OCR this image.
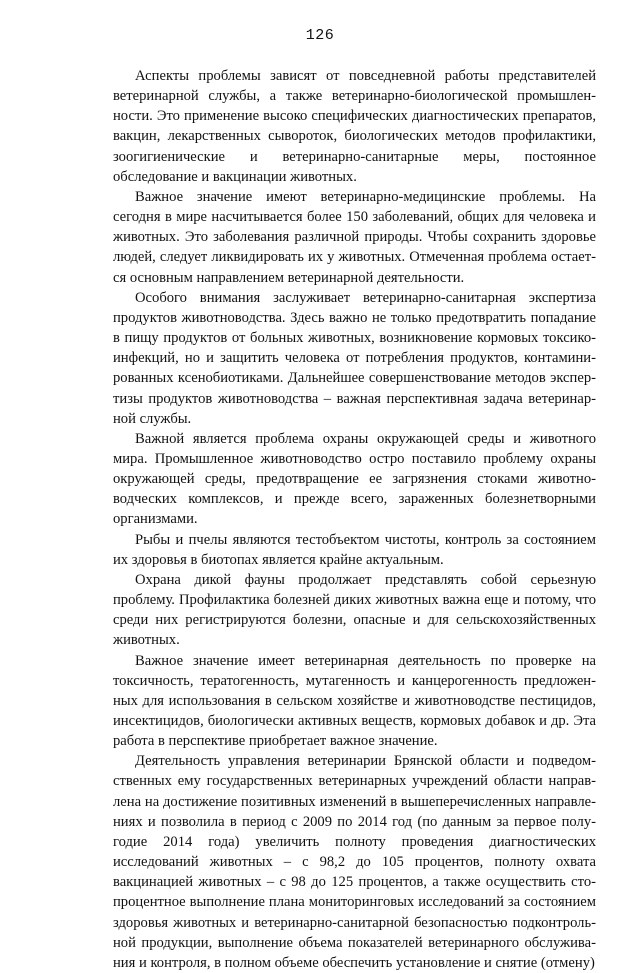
126

Аспекты проблемы зависят от повседневной работы представителей ветеринарной службы, а также ветеринарно-биологической промышленности. Это применение высоко специфических диагностических препаратов, вакцин, лекарственных сывороток, биологических методов профилактики, зоогигиенические и ветеринарно-санитарные меры, постоянное обследование и вакцинации животных.

Важное значение имеют ветеринарно-медицинские проблемы. На сегодня в мире насчитывается более 150 заболеваний, общих для человека и животных. Это заболевания различной природы. Чтобы сохранить здоровье людей, следует ликвидировать их у животных. Отмеченная проблема остается основным направлением ветеринарной деятельности.

Особого внимания заслуживает ветеринарно-санитарная экспертиза продуктов животноводства. Здесь важно не только предотвратить попадание в пищу продуктов от больных животных, возникновение кормовых токсикоинфекций, но и защитить человека от потребления продуктов, контаминированных ксенобиотиками. Дальнейшее совершенствование методов экспертизы продуктов животноводства – важная перспективная задача ветеринарной службы.

Важной является проблема охраны окружающей среды и животного мира. Промышленное животноводство остро поставило проблему охраны окружающей среды, предотвращение ее загрязнения стоками животноводческих комплексов, и прежде всего, зараженных болезнетворными организмами.

Рыбы и пчелы являются тестобъектом чистоты, контроль за состоянием их здоровья в биотопах является крайне актуальным.

Охрана дикой фауны продолжает представлять собой серьезную проблему. Профилактика болезней диких животных важна еще и потому, что среди них регистрируются болезни, опасные и для сельскохозяйственных животных.

Важное значение имеет ветеринарная деятельность по проверке на токсичность, тератогенность, мутагенность и канцерогенность предложенных для использования в сельском хозяйстве и животноводстве пестицидов, инсектицидов, биологически активных веществ, кормовых добавок и др. Эта работа в перспективе приобретает важное значение.

Деятельность управления ветеринарии Брянской области и подведомственных ему государственных ветеринарных учреждений области направлена на достижение позитивных изменений в вышеперечисленных направлениях и позволила в период с 2009 по 2014 год (по данным за первое полугодие 2014 года) увеличить полноту проведения диагностических исследований животных – с 98,2 до 105 процентов, полноту охвата вакцинацией животных – с 98 до 125 процентов, а также осуществить стопроцентное выполнение плана мониторинговых исследований за состоянием здоровья животных и ветеринарно-санитарной безопасностью подконтрольной продукции, выполнение объема показателей ветеринарного обслуживания и контроля, в полном объеме обеспечить установление и снятие (отмену)
